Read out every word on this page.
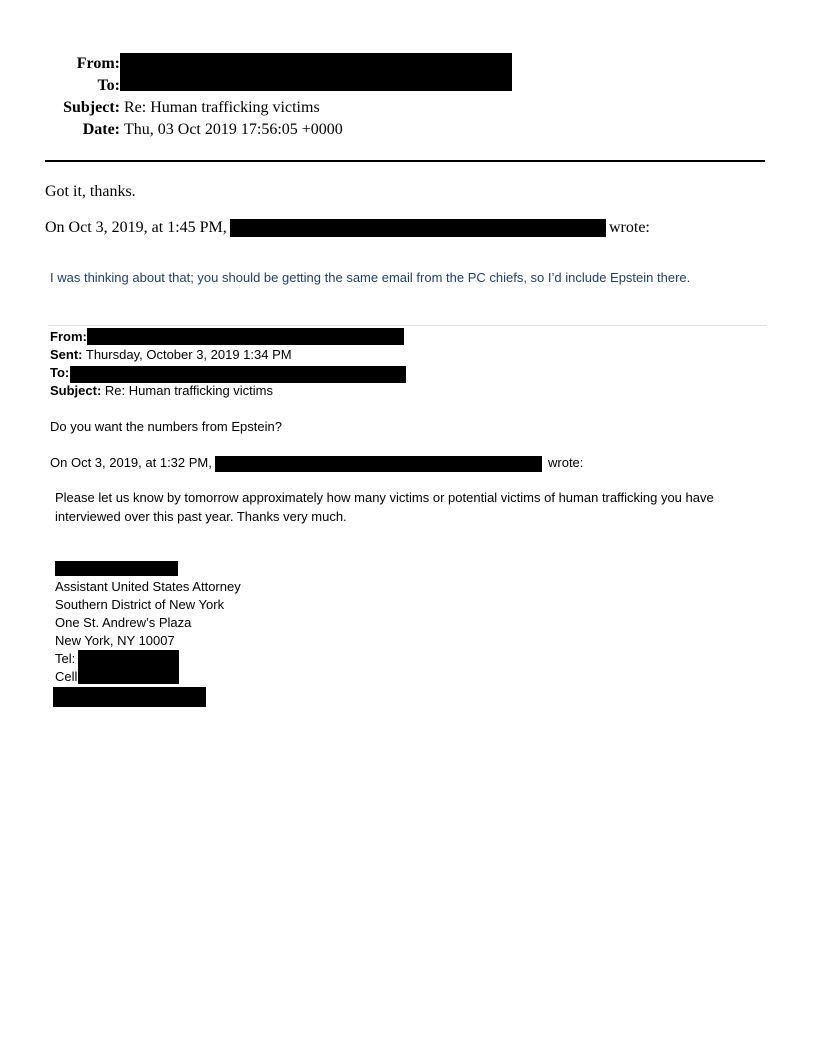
From:
To:
Subject: Re: Human trafficking victims
Date: Thu, 03 Oct 2019 17:56:05 +0000
Got it, thanks.
On Oct 3, 2019, at 1:45 PM,	wrote:
I was thinking about that; you should be getting the same email from the PC chiefs, so I’d include Epstein there.
From:
Sent: Thursday, October 3, 2019 1:34 PM
To:
Subject: Re: Human trafficking victims
Do you want the numbers from Epstein?
On Oct 3, 2019, at 1:32 PM,	wrote:
Please let us know by tomorrow approximately how many victims or potential victims of human trafficking you have
interviewed over this past year. Thanks very much.
Assistant United States Attorney
Southern District of New York
One St. Andrew’s Plaza
New York, NY 10007
Tel:
Cell
